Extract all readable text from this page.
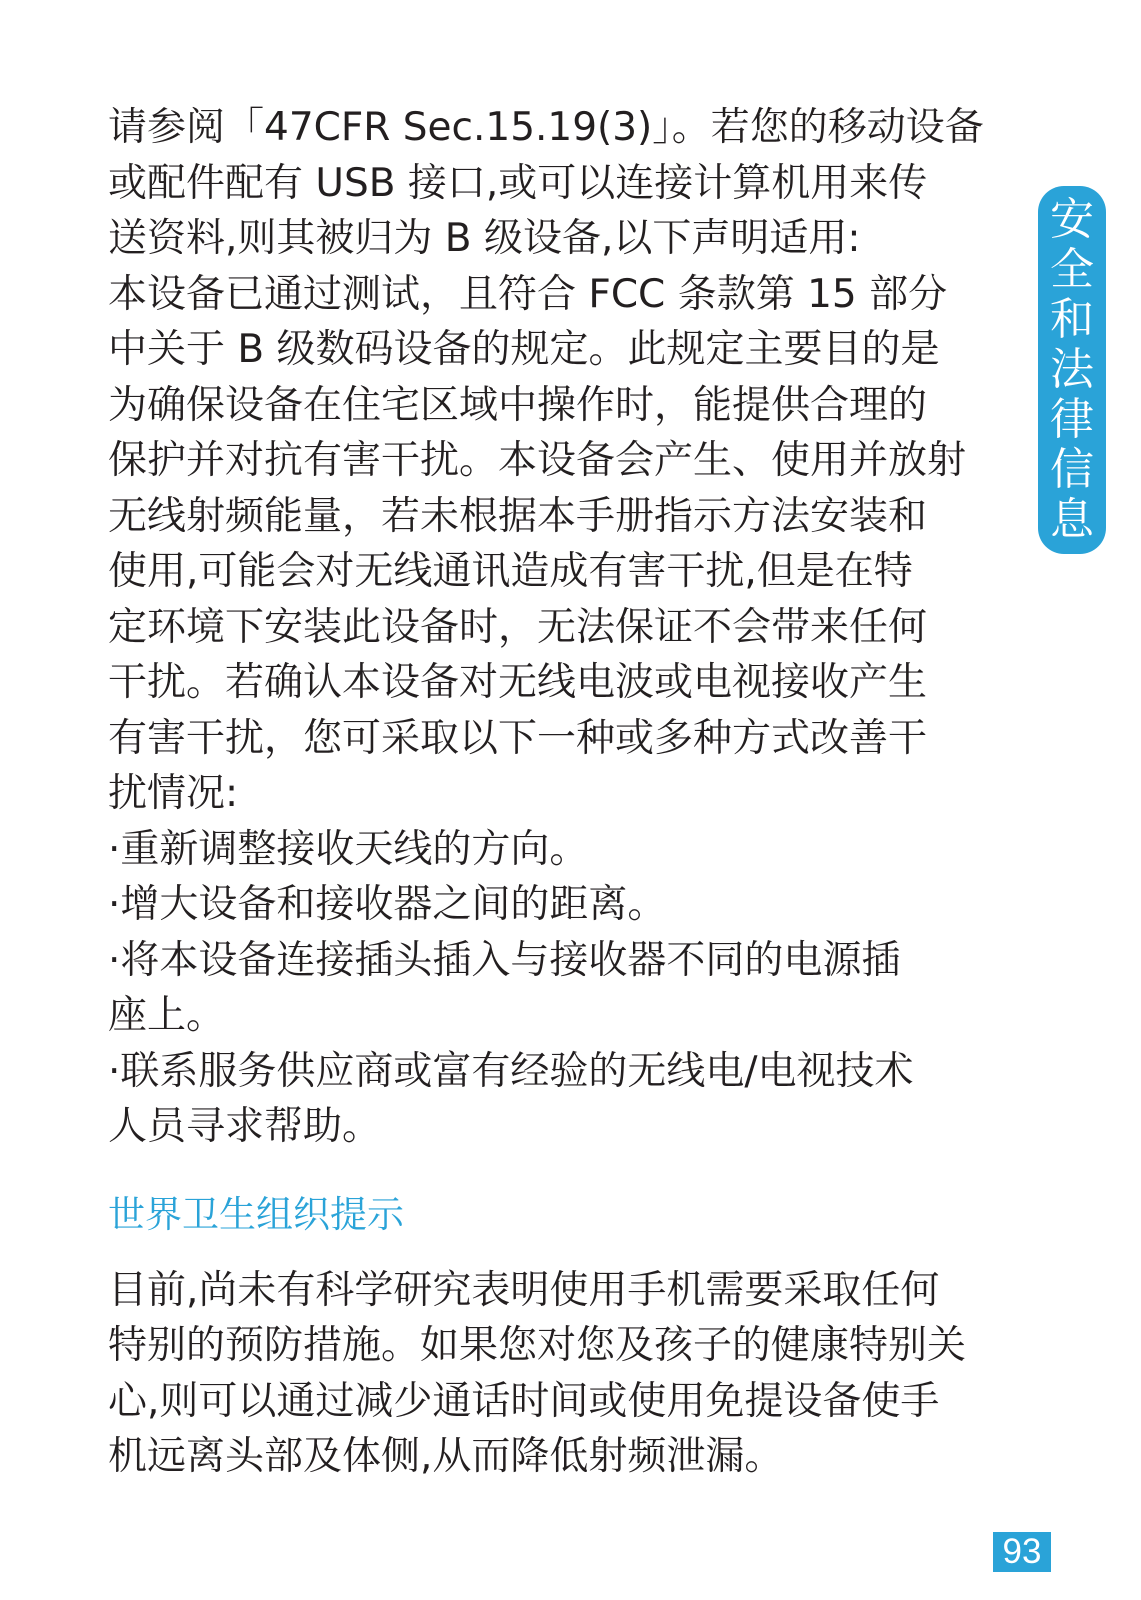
请参阅「47CFR Sec.15.19(3)」。若您的移动设备
或配件配有 USB 接口,或可以连接计算机用来传
送资料,则其被归为 B 级设备,以下声明适用:
本设备已通过测试，且符合 FCC 条款第 15 部分
中关于 B 级数码设备的规定。此规定主要目的是
为确保设备在住宅区域中操作时，能提供合理的
保护并对抗有害干扰。本设备会产生、使用并放射
无线射频能量，若未根据本手册指示方法安装和
使用,可能会对无线通讯造成有害干扰,但是在特
定环境下安装此设备时，无法保证不会带来任何
干扰。若确认本设备对无线电波或电视接收产生
有害干扰，您可采取以下一种或多种方式改善干
扰情况:
·重新调整接收天线的方向。
·增大设备和接收器之间的距离。
·将本设备连接插头插入与接收器不同的电源插
座上。
·联系服务供应商或富有经验的无线电/电视技术
人员寻求帮助。
世界卫生组织提示
目前,尚未有科学研究表明使用手机需要采取任何
特别的预防措施。如果您对您及孩子的健康特别关
心,则可以通过减少通话时间或使用免提设备使手
机远离头部及体侧,从而降低射频泄漏。
安
全
和
法
律
信
息
93
